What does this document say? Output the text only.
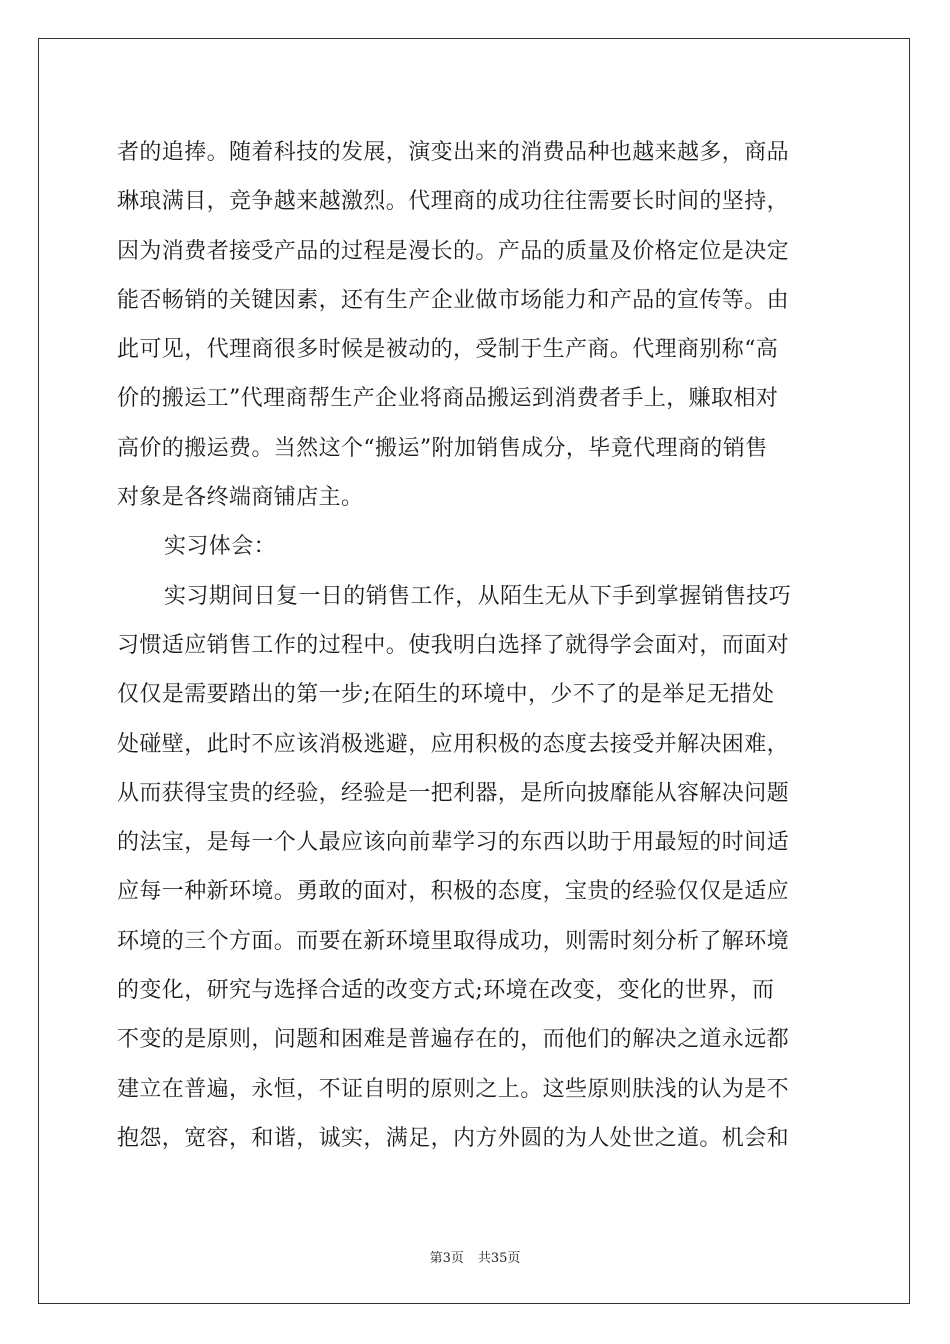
者的追捧。随着科技的发展，演变出来的消费品种也越来越多，商品
琳琅满目，竞争越来越激烈。代理商的成功往往需要长时间的坚持，
因为消费者接受产品的过程是漫长的。产品的质量及价格定位是决定
能否畅销的关键因素，还有生产企业做市场能力和产品的宣传等。由
此可见，代理商很多时候是被动的，受制于生产商。代理商别称“高
价的搬运工”代理商帮生产企业将商品搬运到消费者手上，赚取相对
高价的搬运费。当然这个“搬运”附加销售成分，毕竟代理商的销售
对象是各终端商铺店主。
实习体会：
实习期间日复一日的销售工作，从陌生无从下手到掌握销售技巧
习惯适应销售工作的过程中。使我明白选择了就得学会面对，而面对
仅仅是需要踏出的第一步;在陌生的环境中，少不了的是举足无措处
处碰壁，此时不应该消极逃避，应用积极的态度去接受并解决困难，
从而获得宝贵的经验，经验是一把利器，是所向披靡能从容解决问题
的法宝，是每一个人最应该向前辈学习的东西以助于用最短的时间适
应每一种新环境。勇敢的面对，积极的态度，宝贵的经验仅仅是适应
环境的三个方面。而要在新环境里取得成功，则需时刻分析了解环境
的变化，研究与选择合适的改变方式;环境在改变，变化的世界，而
不变的是原则，问题和困难是普遍存在的，而他们的解决之道永远都
建立在普遍，永恒，不证自明的原则之上。这些原则肤浅的认为是不
抱怨，宽容，和谐，诚实，满足，内方外圆的为人处世之道。机会和
第3页 共35页
